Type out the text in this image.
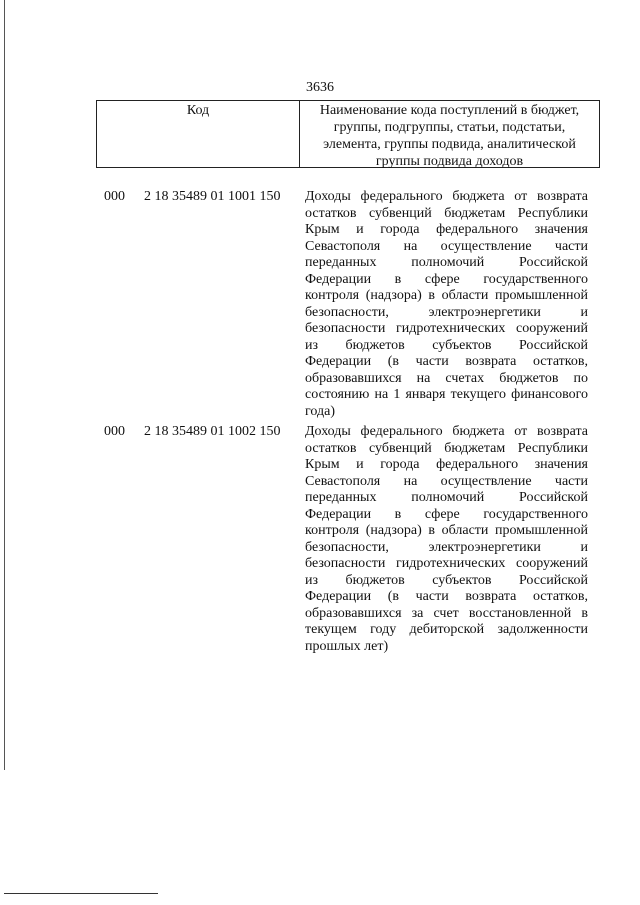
3636
Код	Наименование кода поступлений в бюджет,
группы, подгруппы, статьи, подстатьи,
элемента, группы подвида, аналитической
группы подвида доходов
000 2 18 35489 01 1001 150 Доходы федерального бюджета от возврата
остатков субвенций бюджетам Республики
Крым и города федерального значения
Севастополя на осуществление части
переданных полномочий Российской
Федерации в сфере государственного
контроля (надзора) в области промышленной
безопасности, электроэнергетики и
безопасности гидротехнических сооружений
из бюджетов субъектов Российской
Федерации (в части возврата остатков,
образовавшихся на счетах бюджетов по
состоянию на 1 января текущего финансового
года)
000 2 18 35489 01 1002 150 Доходы федерального бюджета от возврата
остатков субвенций бюджетам Республики
Крым и города федерального значения
Севастополя на осуществление части
переданных полномочий Российской
Федерации в сфере государственного
контроля (надзора) в области промышленной
безопасности, электроэнергетики и
безопасности гидротехнических сооружений
из бюджетов субъектов Российской
Федерации (в части возврата остатков,
образовавшихся за счет восстановленной в
текущем году дебиторской задолженности
прошлых лет)
